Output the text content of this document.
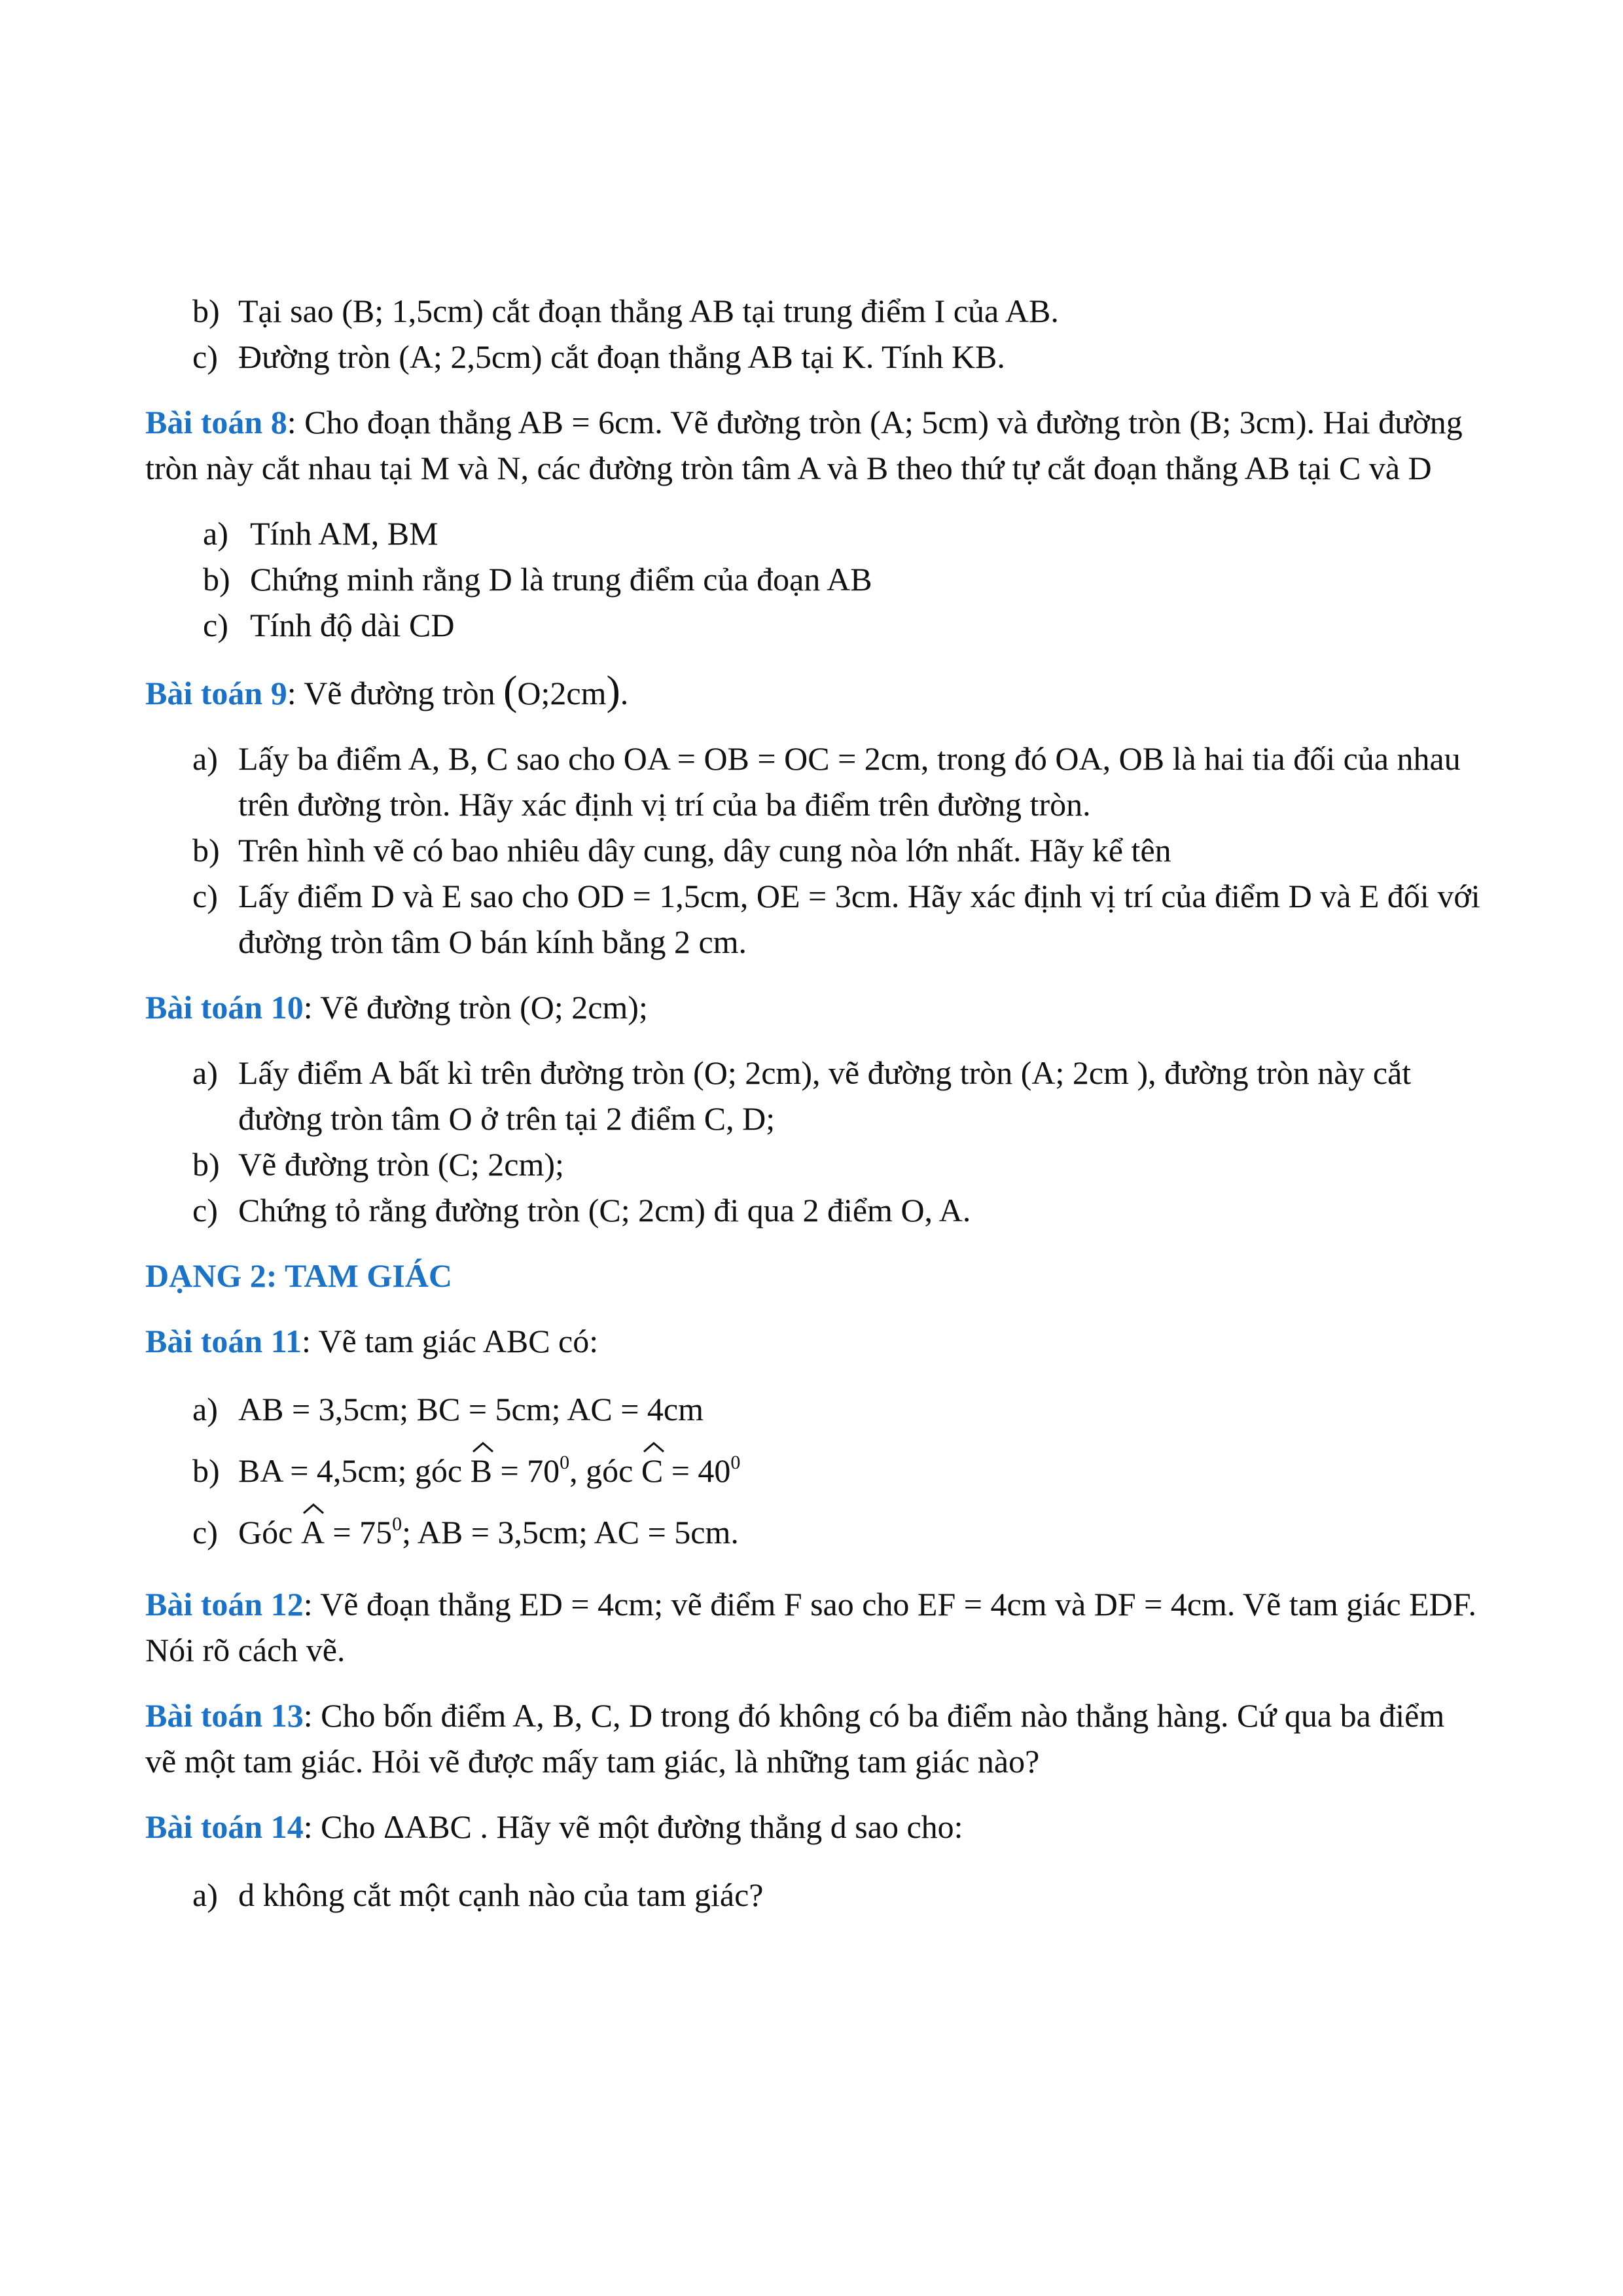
b) Tại sao (B; 1,5cm) cắt đoạn thẳng AB tại trung điểm I của AB.
c) Đường tròn (A; 2,5cm) cắt đoạn thẳng AB tại K. Tính KB.

Bài toán 8: Cho đoạn thẳng AB = 6cm. Vẽ đường tròn (A; 5cm) và đường tròn (B; 3cm). Hai đường tròn này cắt nhau tại M và N, các đường tròn tâm A và B theo thứ tự cắt đoạn thẳng AB tại C và D

a) Tính AM, BM
b) Chứng minh rằng D là trung điểm của đoạn AB
c) Tính độ dài CD

Bài toán 9: Vẽ đường tròn (O;2cm).

a) Lấy ba điểm A, B, C sao cho OA = OB = OC = 2cm, trong đó OA, OB là hai tia đối của nhau trên đường tròn. Hãy xác định vị trí của ba điểm trên đường tròn.
b) Trên hình vẽ có bao nhiêu dây cung, dây cung nòa lớn nhất. Hãy kể tên
c) Lấy điểm D và E sao cho OD = 1,5cm, OE = 3cm. Hãy xác định vị trí của điểm D và E đối với đường tròn tâm O bán kính bằng 2 cm.

Bài toán 10: Vẽ đường tròn (O; 2cm);

a) Lấy điểm A bất kì trên đường tròn (O; 2cm), vẽ đường tròn (A; 2cm ), đường tròn này cắt đường tròn tâm O ở trên tại 2 điểm C, D;
b) Vẽ đường tròn (C; 2cm);
c) Chứng tỏ rằng đường tròn (C; 2cm) đi qua 2 điểm O, A.

DẠNG 2: TAM GIÁC

Bài toán 11: Vẽ tam giác ABC có:

a) AB = 3,5cm; BC = 5cm; AC = 4cm
b) BA = 4,5cm; góc
$B = 70^0$, góc
$C = 40^0$
c) Góc
$A = 75^0$; AB = 3,5cm; AC = 5cm.

Bài toán 12: Vẽ đoạn thẳng ED = 4cm; vẽ điểm F sao cho EF = 4cm và DF = 4cm. Vẽ tam giác EDF. Nói rõ cách vẽ.

Bài toán 13: Cho bốn điểm A, B, C, D trong đó không có ba điểm nào thẳng hàng. Cứ qua ba điểm vẽ một tam giác. Hỏi vẽ được mấy tam giác, là những tam giác nào?

Bài toán 14: Cho ΔABC . Hãy vẽ một đường thẳng d sao cho:

a) d không cắt một cạnh nào của tam giác?
